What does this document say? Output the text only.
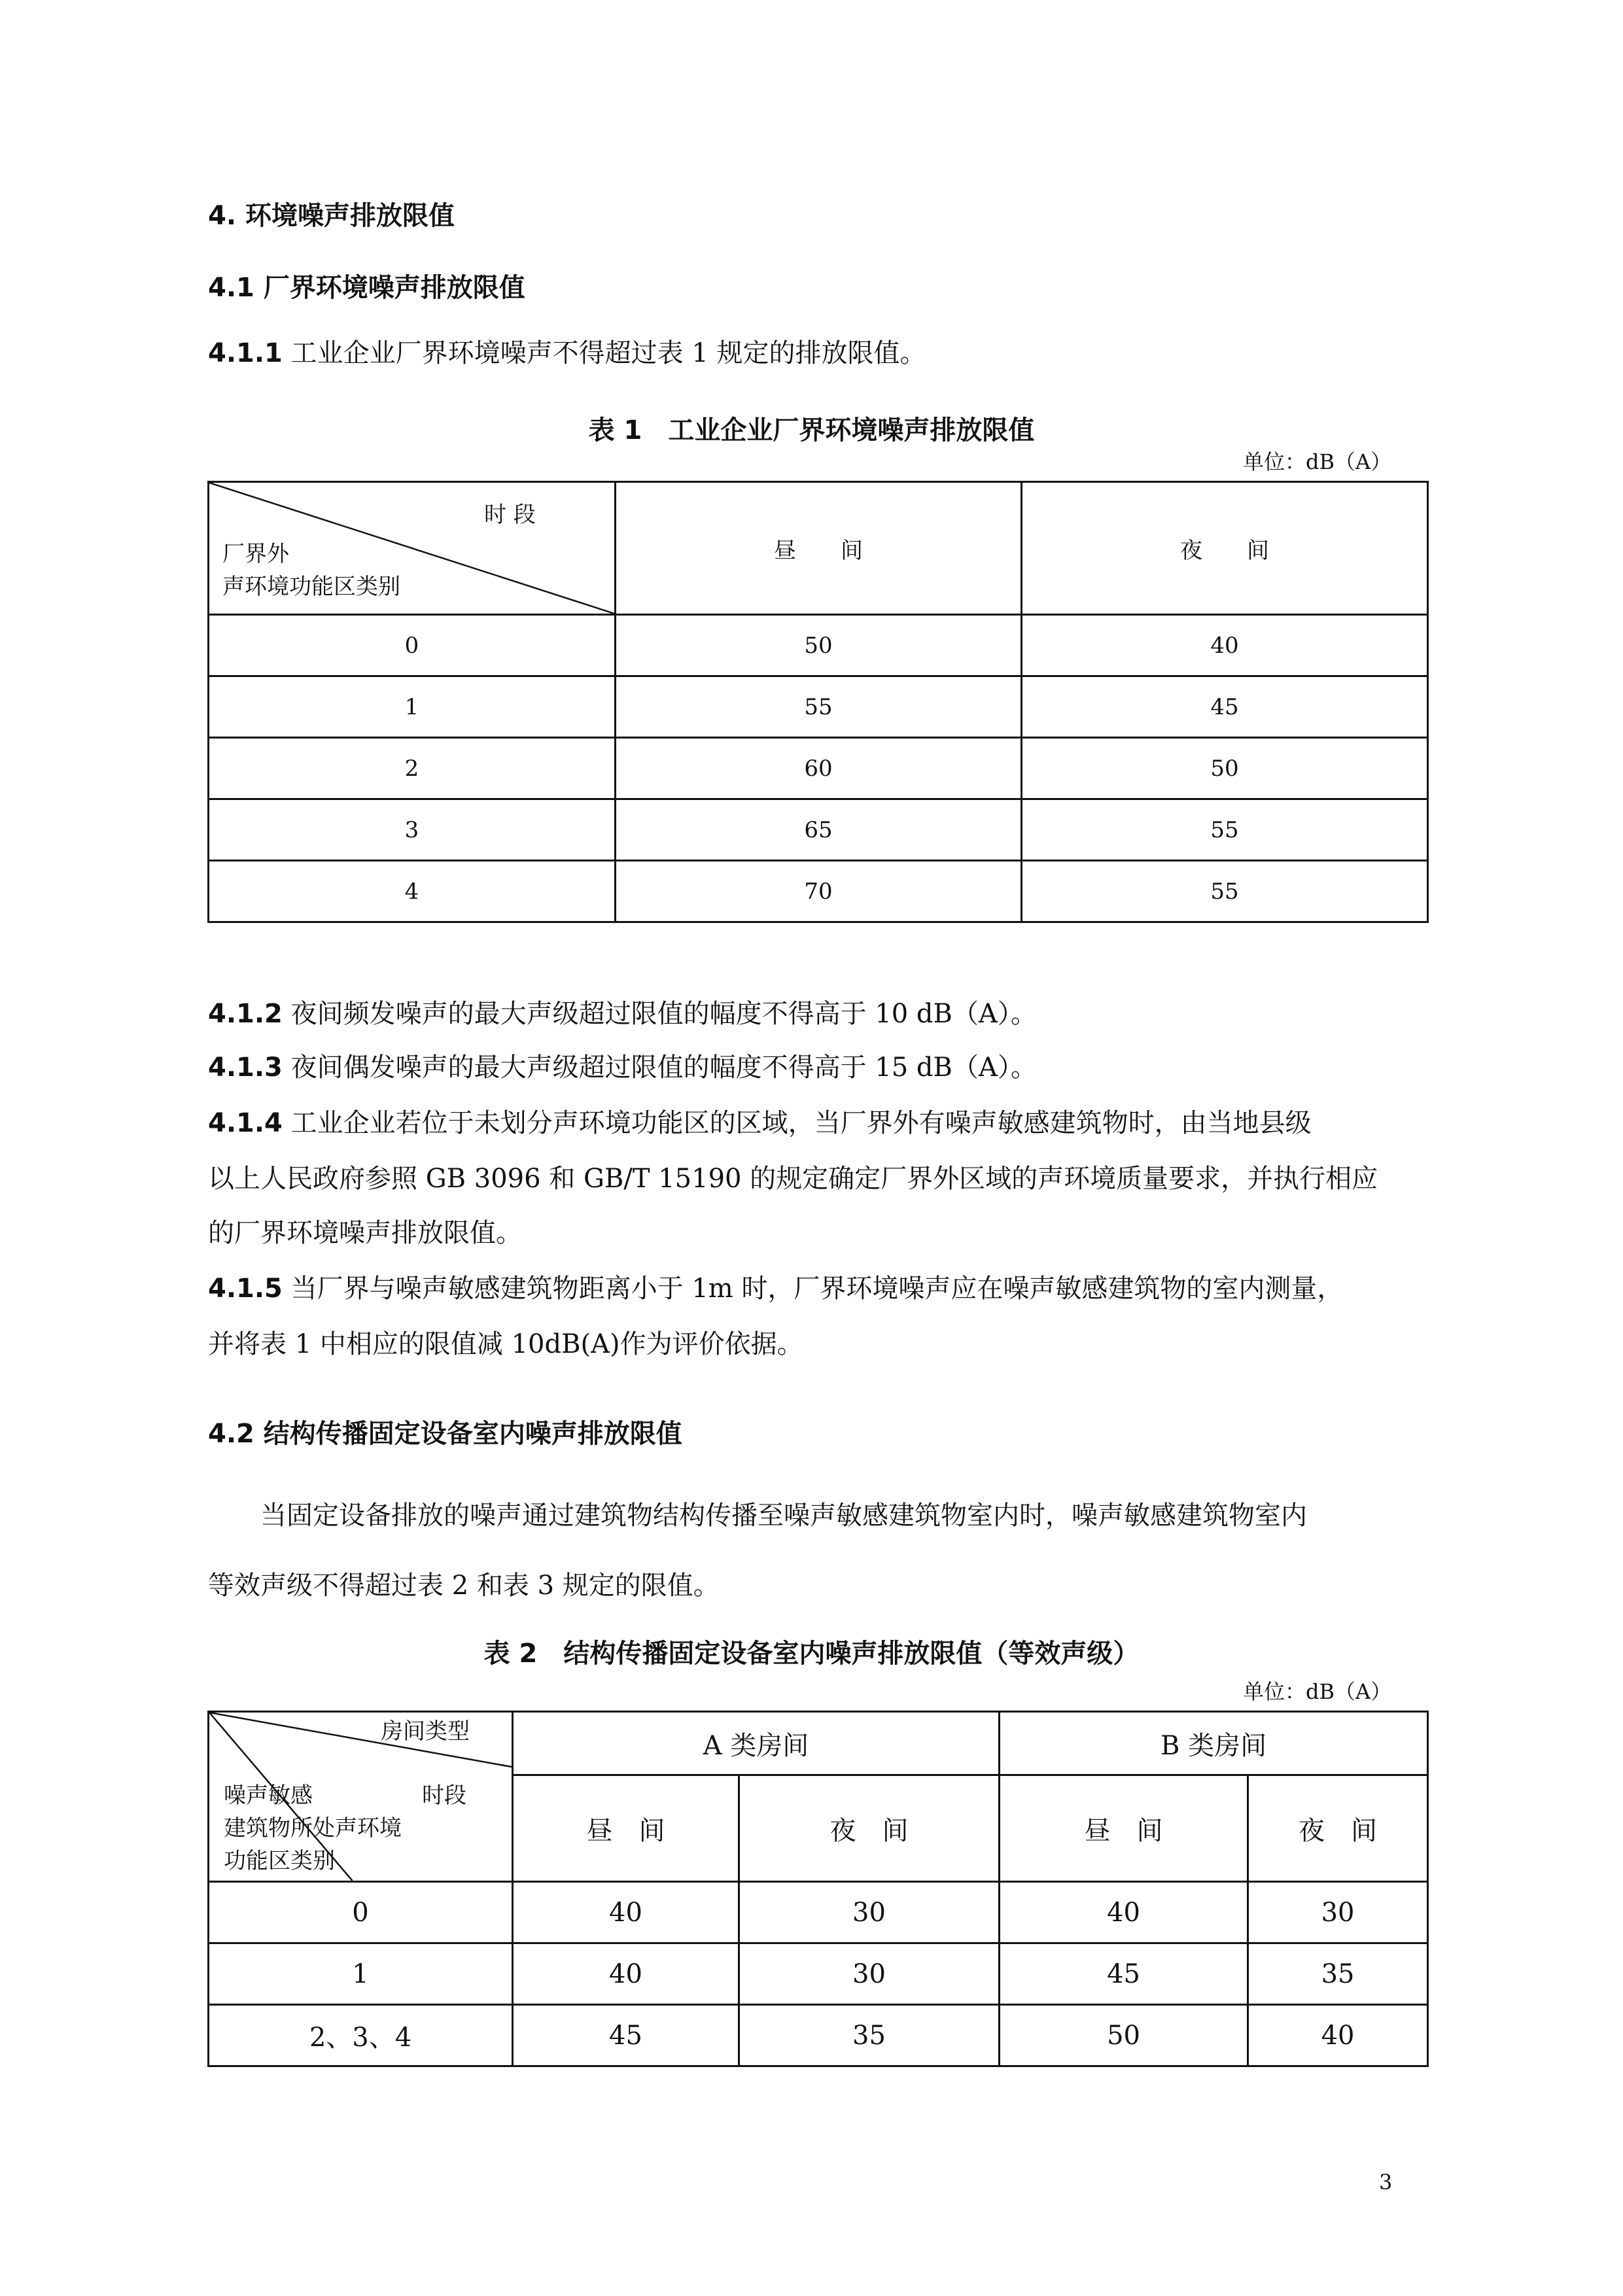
4. 环境噪声排放限值
4.1 厂界环境噪声排放限值
4.1.1 工业企业厂界环境噪声不得超过表 1 规定的排放限值。
表 1　工业企业厂界环境噪声排放限值
单位：dB（A）
时 段
厂界外
声环境功能区类别	昼　　间	夜　　间
0	50	40
1	55	45
2	60	50
3	65	55
4	70	55
4.1.2 夜间频发噪声的最大声级超过限值的幅度不得高于 10 dB（A）。
4.1.3 夜间偶发噪声的最大声级超过限值的幅度不得高于 15 dB（A）。
4.1.4 工业企业若位于未划分声环境功能区的区域，当厂界外有噪声敏感建筑物时，由当地县级
以上人民政府参照 GB 3096 和 GB/T 15190 的规定确定厂界外区域的声环境质量要求，并执行相应
的厂界环境噪声排放限值。
4.1.5 当厂界与噪声敏感建筑物距离小于 1m 时，厂界环境噪声应在噪声敏感建筑物的室内测量，
并将表 1 中相应的限值减 10dB(A)作为评价依据。
4.2 结构传播固定设备室内噪声排放限值
当固定设备排放的噪声通过建筑物结构传播至噪声敏感建筑物室内时，噪声敏感建筑物室内
等效声级不得超过表 2 和表 3 规定的限值。
表 2　结构传播固定设备室内噪声排放限值（等效声级）
单位：dB（A）
房间类型
时段
噪声敏感
建筑物所处声环境
功能区类别	A 类房间		B 类房间	
	昼　间	夜　间	昼　间	夜　间
0	40	30	40	30
1	40	30	45	35
2、3、4	45	35	50	40
3
